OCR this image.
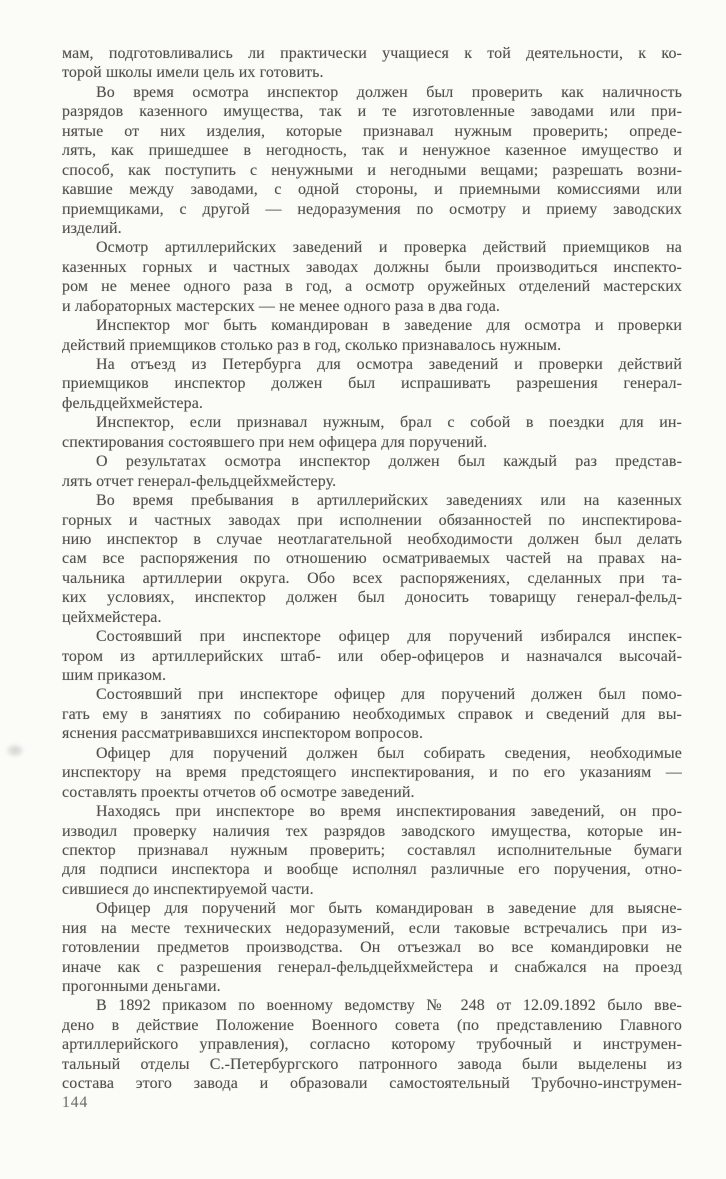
мам, подготовливались ли практически учащиеся к той деятельности, к ко-
торой школы имели цель их готовить.
Во время осмотра инспектор должен был проверить как наличность
разрядов казенного имущества, так и те изготовленные заводами или при-
нятые от них изделия, которые признавал нужным проверить; опреде-
лять, как пришедшее в негодность, так и ненужное казенное имущество и
способ, как поступить с ненужными и негодными вещами; разрешать возни-
кавшие между заводами, с одной стороны, и приемными комиссиями или
приемщиками, с другой — недоразумения по осмотру и приему заводских
изделий.
Осмотр артиллерийских заведений и проверка действий приемщиков на
казенных горных и частных заводах должны были производиться инспекто-
ром не менее одного раза в год, а осмотр оружейных отделений мастерских
и лабораторных мастерских — не менее одного раза в два года.
Инспектор мог быть командирован в заведение для осмотра и проверки
действий приемщиков столько раз в год, сколько признавалось нужным.
На отъезд из Петербурга для осмотра заведений и проверки действий
приемщиков инспектор должен был испрашивать разрешения генерал-
фельдцейхмейстера.
Инспектор, если признавал нужным, брал с собой в поездки для ин-
спектирования состоявшего при нем офицера для поручений.
О результатах осмотра инспектор должен был каждый раз представ-
лять отчет генерал-фельдцейхмейстеру.
Во время пребывания в артиллерийских заведениях или на казенных
горных и частных заводах при исполнении обязанностей по инспектирова-
нию инспектор в случае неотлагательной необходимости должен был делать
сам все распоряжения по отношению осматриваемых частей на правах на-
чальника артиллерии округа. Обо всех распоряжениях, сделанных при та-
ких условиях, инспектор должен был доносить товарищу генерал-фельд-
цейхмейстера.
Состоявший при инспекторе офицер для поручений избирался инспек-
тором из артиллерийских штаб- или обер-офицеров и назначался высочай-
шим приказом.
Состоявший при инспекторе офицер для поручений должен был помо-
гать ему в занятиях по собиранию необходимых справок и сведений для вы-
яснения рассматривавшихся инспектором вопросов.
Офицер для поручений должен был собирать сведения, необходимые
инспектору на время предстоящего инспектирования, и по его указаниям —
составлять проекты отчетов об осмотре заведений.
Находясь при инспекторе во время инспектирования заведений, он про-
изводил проверку наличия тех разрядов заводского имущества, которые ин-
спектор признавал нужным проверить; составлял исполнительные бумаги
для подписи инспектора и вообще исполнял различные его поручения, отно-
сившиеся до инспектируемой части.
Офицер для поручений мог быть командирован в заведение для выясне-
ния на месте технических недоразумений, если таковые встречались при из-
готовлении предметов производства. Он отъезжал во все командировки не
иначе как с разрешения генерал-фельдцейхмейстера и снабжался на проезд
прогонными деньгами.
В 1892 приказом по военному ведомству № 248 от 12.09.1892 было вве-
дено в действие Положение Военного совета (по представлению Главного
артиллерийского управления), согласно которому трубочный и инструмен-
тальный отделы С.-Петербургского патронного завода были выделены из
состава этого завода и образовали самостоятельный Трубочно-инструмен-
144
